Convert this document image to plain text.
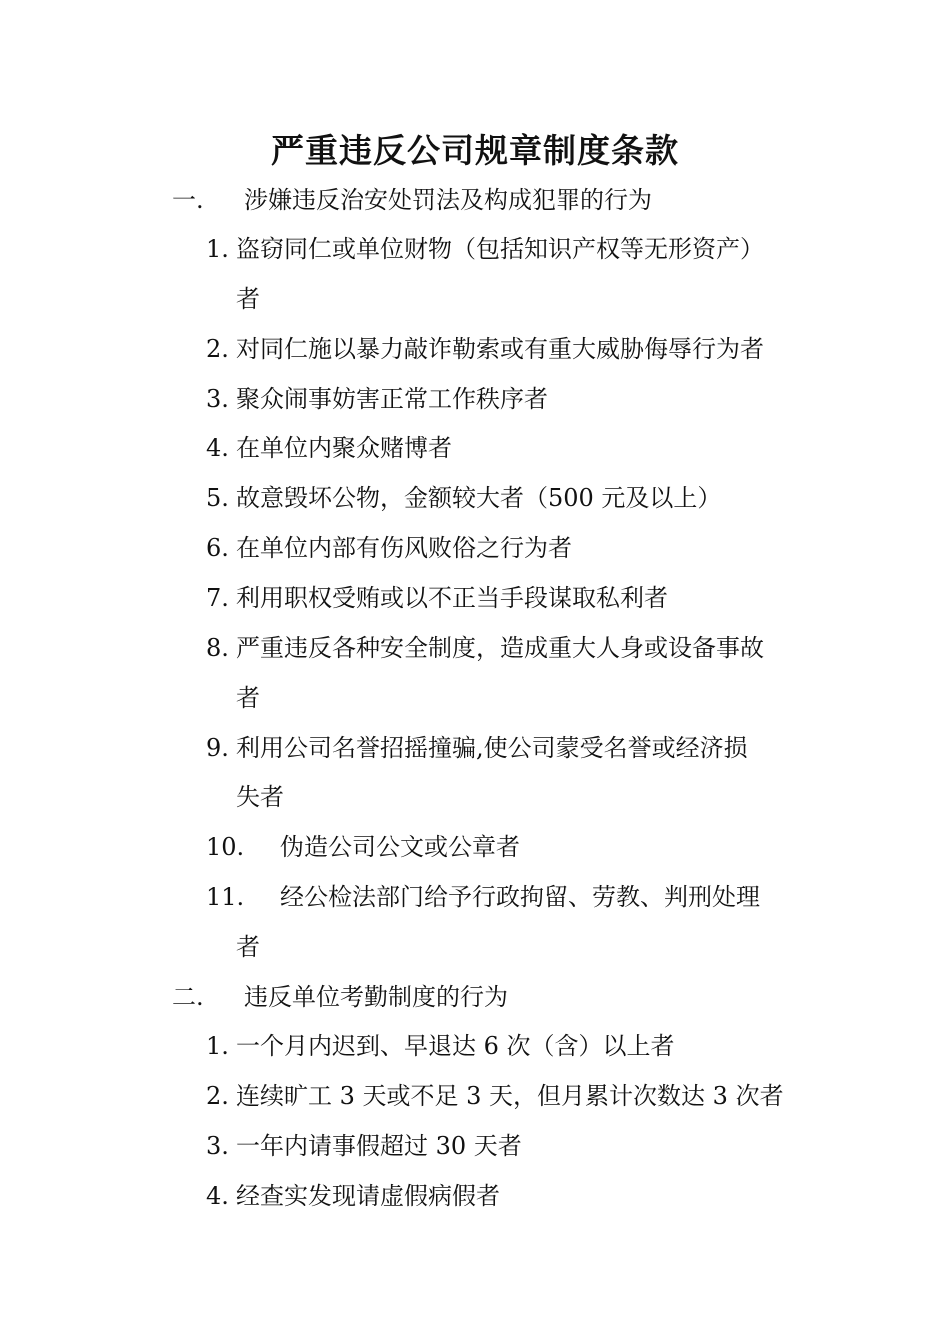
严重违反公司规章制度条款
一. 涉嫌违反治安处罚法及构成犯罪的行为
1. 盗窃同仁或单位财物（包括知识产权等无形资产）
者
2. 对同仁施以暴力敲诈勒索或有重大威胁侮辱行为者
3. 聚众闹事妨害正常工作秩序者
4. 在单位内聚众赌博者
5. 故意毁坏公物，金额较大者（500 元及以上）
6. 在单位内部有伤风败俗之行为者
7. 利用职权受贿或以不正当手段谋取私利者
8. 严重违反各种安全制度，造成重大人身或设备事故
者
9. 利用公司名誉招摇撞骗,使公司蒙受名誉或经济损
失者
10. 伪造公司公文或公章者
11. 经公检法部门给予行政拘留、劳教、判刑处理
者
二. 违反单位考勤制度的行为
1. 一个月内迟到、早退达 6 次（含）以上者
2. 连续旷工 3 天或不足 3 天，但月累计次数达 3 次者
3. 一年内请事假超过 30 天者
4. 经查实发现请虚假病假者
